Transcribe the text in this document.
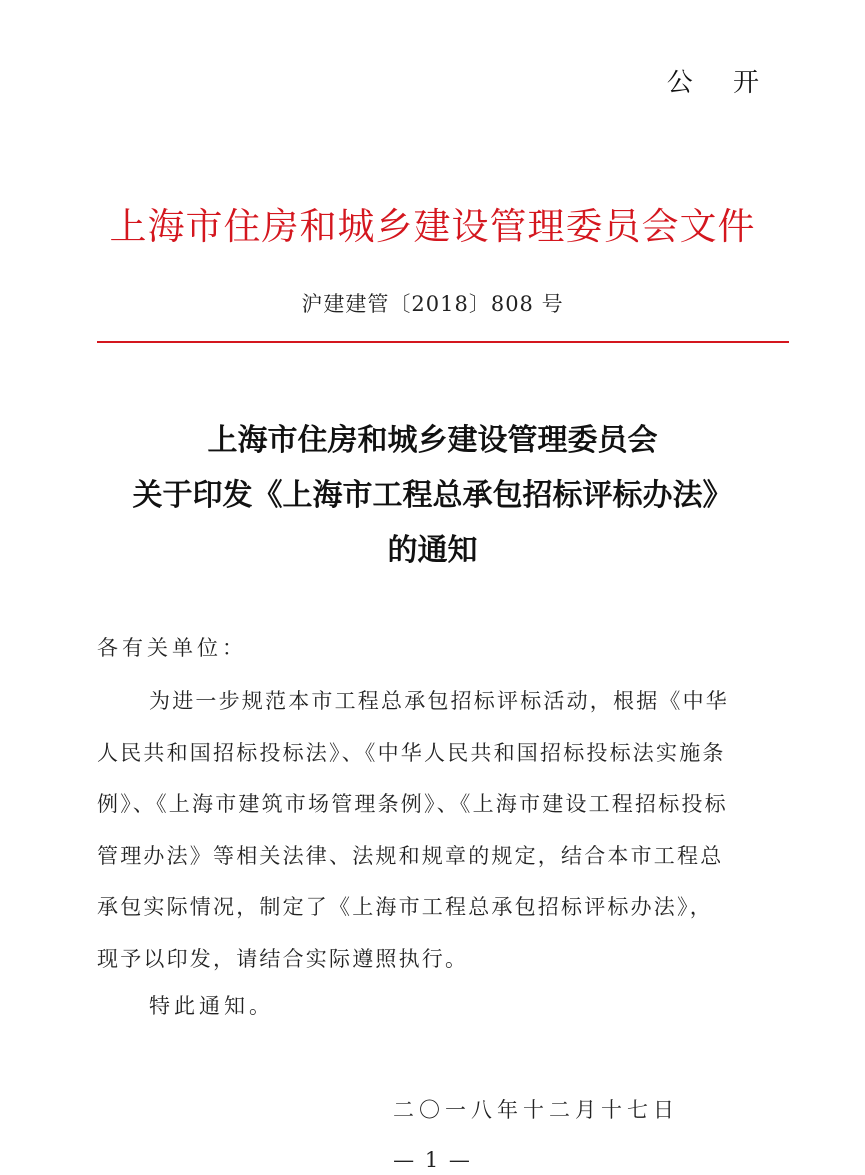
公 开
上海市住房和城乡建设管理委员会文件
沪建建管〔2018〕808 号
上海市住房和城乡建设管理委员会
关于印发《上海市工程总承包招标评标办法》
的通知
各有关单位：
为进一步规范本市工程总承包招标评标活动，根据《中华
人民共和国招标投标法》、《中华人民共和国招标投标法实施条
例》、《上海市建筑市场管理条例》、《上海市建设工程招标投标
管理办法》等相关法律、法规和规章的规定，结合本市工程总
承包实际情况，制定了《上海市工程总承包招标评标办法》，
现予以印发，请结合实际遵照执行。
特此通知。
二〇一八年十二月十七日
— 1 —
